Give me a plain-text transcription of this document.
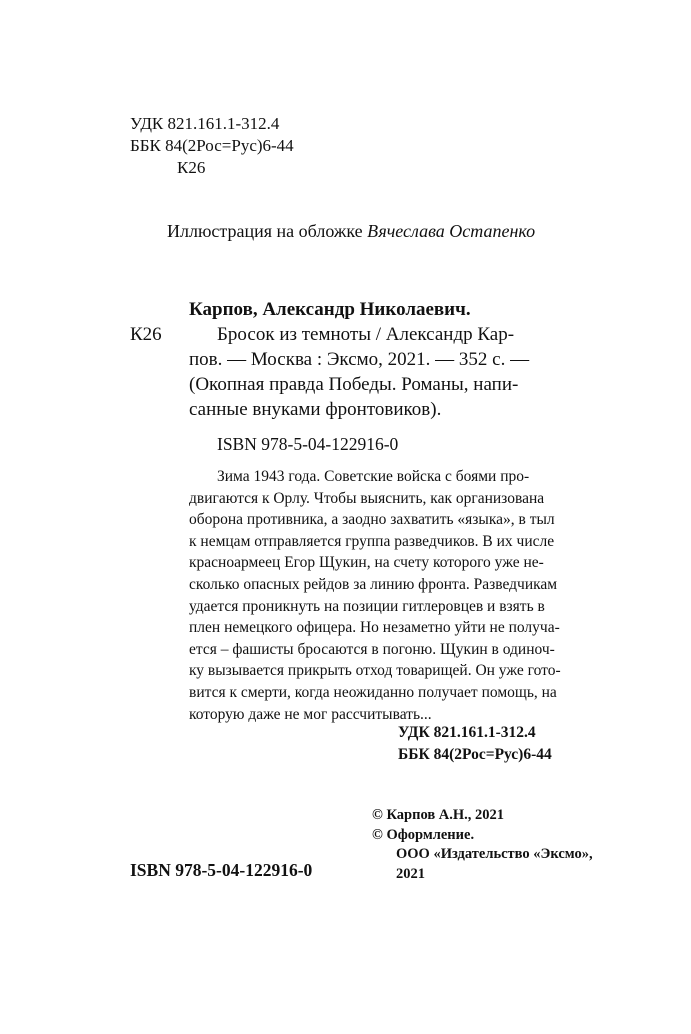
УДК 821.161.1-312.4
ББК 84(2Рос=Рус)6-44
К26
Иллюстрация на обложке Вячеслава Остапенко
Карпов, Александр Николаевич.
К26	Бросок из темноты / Александр Кар-
пов. — Москва : Эксмо, 2021. — 352 с. —
(Окопная правда Победы. Романы, напи-
санные внуками фронтовиков).
ISBN 978-5-04-122916-0
Зима 1943 года. Советские войска с боями про-
двигаются к Орлу. Чтобы выяснить, как организована
оборона противника, а заодно захватить «языка», в тыл
к немцам отправляется группа разведчиков. В их числе
красноармеец Егор Щукин, на счету которого уже не-
сколько опасных рейдов за линию фронта. Разведчикам
удается проникнуть на позиции гитлеровцев и взять в
плен немецкого офицера. Но незаметно уйти не получа-
ется – фашисты бросаются в погоню. Щукин в одиноч-
ку вызывается прикрыть отход товарищей. Он уже гото-
вится к смерти, когда неожиданно получает помощь, на
которую даже не мог рассчитывать...
УДК 821.161.1-312.4
ББК 84(2Рос=Рус)6-44
© Карпов А.Н., 2021
© Оформление.
ООО «Издательство «Эксмо»,
2021
ISBN 978-5-04-122916-0
